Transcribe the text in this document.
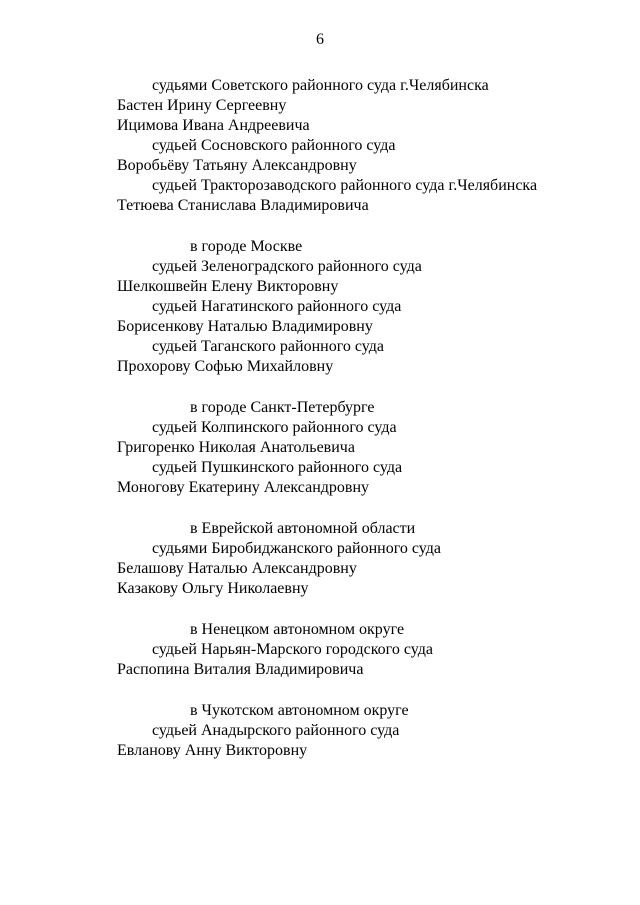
6
судьями Советского районного суда г.Челябинска
Бастен Ирину Сергеевну
Ицимова Ивана Андреевича
судьей Сосновского районного суда
Воробьёву Татьяну Александровну
судьей Тракторозаводского районного суда г.Челябинска
Тетюева Станислава Владимировича
в городе Москве
судьей Зеленоградского районного суда
Шелкошвейн Елену Викторовну
судьей Нагатинского районного суда
Борисенкову Наталью Владимировну
судьей Таганского районного суда
Прохорову Софью Михайловну
в городе Санкт-Петербурге
судьей Колпинского районного суда
Григоренко Николая Анатольевича
судьей Пушкинского районного суда
Моногову Екатерину Александровну
в Еврейской автономной области
судьями Биробиджанского районного суда
Белашову Наталью Александровну
Казакову Ольгу Николаевну
в Ненецком автономном округе
судьей Нарьян-Марского городского суда
Распопина Виталия Владимировича
в Чукотском автономном округе
судьей Анадырского районного суда
Евланову Анну Викторовну
